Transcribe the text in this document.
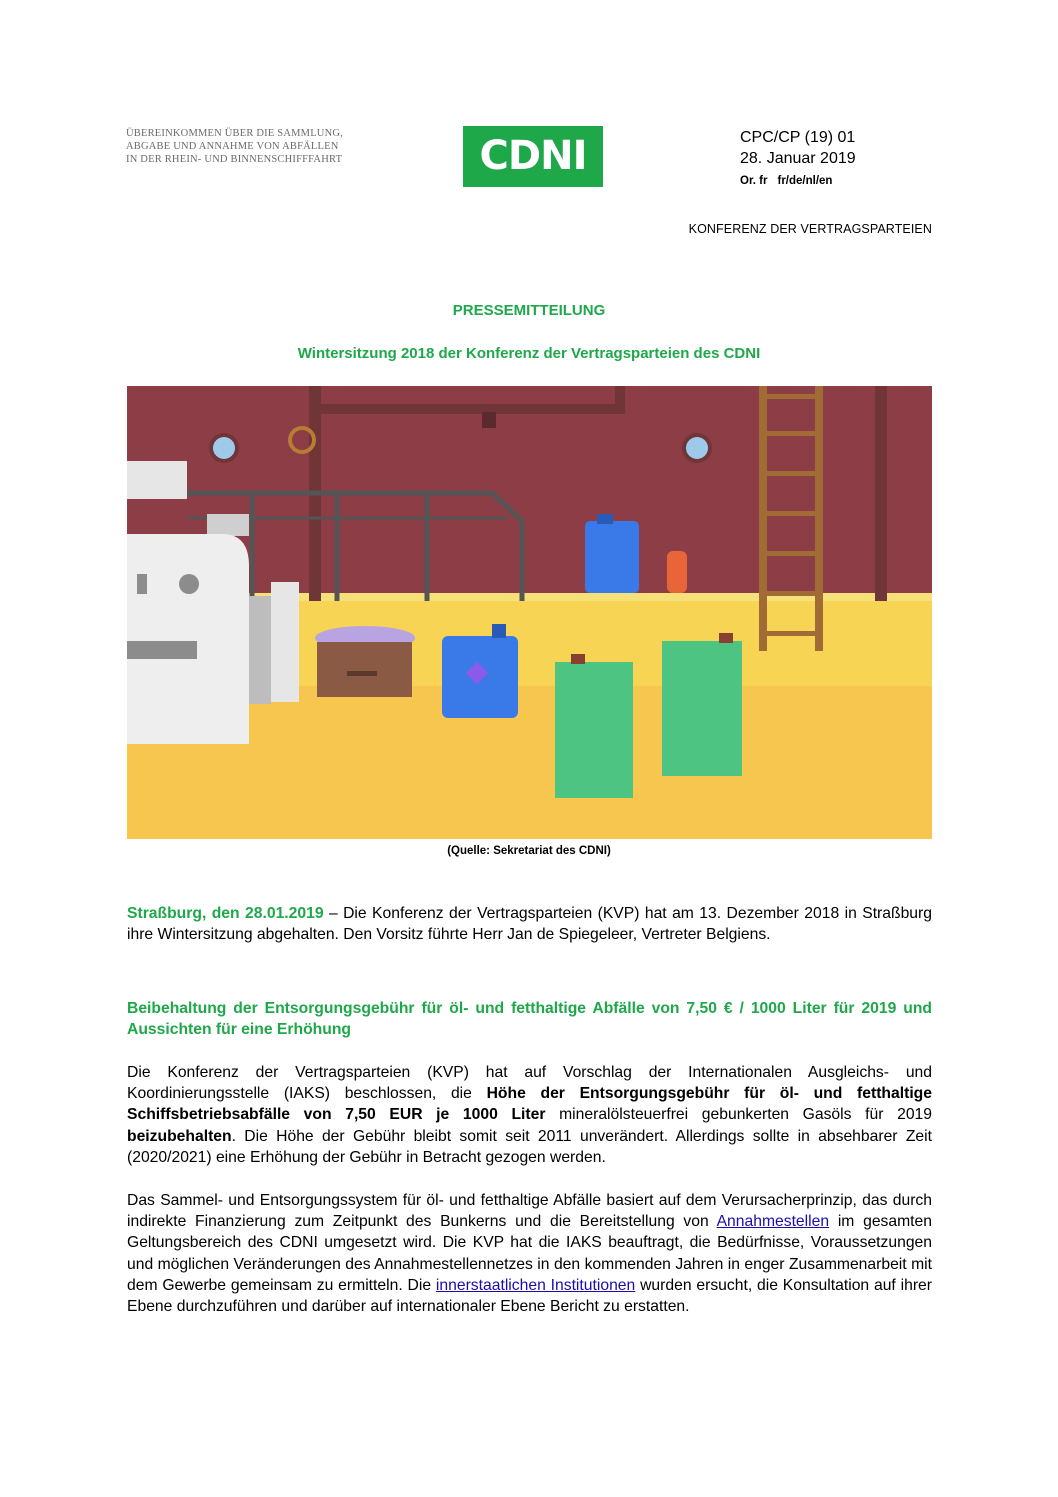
ÜBEREINKOMMEN ÜBER DIE SAMMLUNG,
ABGABE UND ANNAHME VON ABFÄLLEN
IN DER RHEIN- UND BINNENSCHIFFFAHRT	CDNI	CPC/CP (19) 01
28. Januar 2019
Or. fr fr/de/nl/en
KONFERENZ DER VERTRAGSPARTEIEN
PRESSEMITTEILUNG
Wintersitzung 2018 der Konferenz der Vertragsparteien des CDNI
(Quelle: Sekretariat des CDNI)
Straßburg, den 28.01.2019 – Die Konferenz der Vertragsparteien (KVP) hat am 13. Dezember 2018 in Straßburg ihre Wintersitzung abgehalten. Den Vorsitz führte Herr Jan de Spiegeleer, Vertreter Belgiens.
Beibehaltung der Entsorgungsgebühr für öl- und fetthaltige Abfälle von 7,50 € / 1000 Liter für 2019 und Aussichten für eine Erhöhung
Die Konferenz der Vertragsparteien (KVP) hat auf Vorschlag der Internationalen Ausgleichs- und Koordinierungsstelle (IAKS) beschlossen, die Höhe der Entsorgungsgebühr für öl- und fetthaltige Schiffsbetriebsabfälle von 7,50 EUR je 1000 Liter mineralölsteuerfrei gebunkerten Gasöls für 2019 beizubehalten. Die Höhe der Gebühr bleibt somit seit 2011 unverändert. Allerdings sollte in absehbarer Zeit (2020/2021) eine Erhöhung der Gebühr in Betracht gezogen werden.
Das Sammel- und Entsorgungssystem für öl- und fetthaltige Abfälle basiert auf dem Verursacherprinzip, das durch indirekte Finanzierung zum Zeitpunkt des Bunkerns und die Bereitstellung von Annahmestellen im gesamten Geltungsbereich des CDNI umgesetzt wird. Die KVP hat die IAKS beauftragt, die Bedürfnisse, Voraussetzungen und möglichen Veränderungen des Annahmestellennetzes in den kommenden Jahren in enger Zusammenarbeit mit dem Gewerbe gemeinsam zu ermitteln. Die innerstaatlichen Institutionen wurden ersucht, die Konsultation auf ihrer Ebene durchzuführen und darüber auf internationaler Ebene Bericht zu erstatten.
